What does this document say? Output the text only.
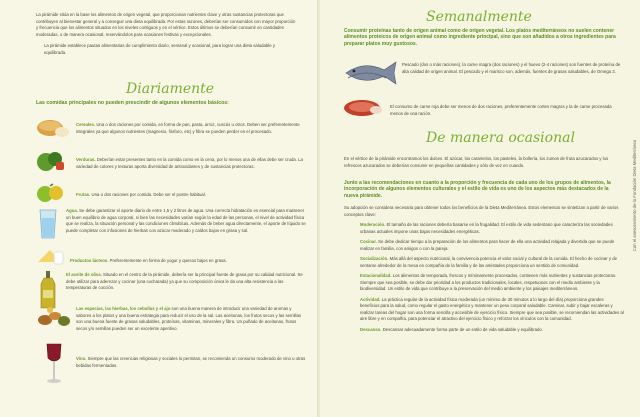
La pirámide sitúa en la base los alimentos de origen vegetal, que proporcionan nutrientes clave y otras sustancias protectoras que contribuyen al bienestar general y a conseguir una dieta equilibrada. Por estas razones, deberían ser consumidos con mayor proporción y frecuencia que los alimentos situados en los niveles contiguos y en el vértice. Estos últimos se deberían consumir en cantidades moderadas, o de manera ocasional, reservándolos para ocasiones festivas y excepcionales.

La pirámide establece pautas alimentarias de cumplimiento diario, semanal y ocasional, para lograr una dieta saludable y equilibrada.

Diariamente

Las comidas principales no pueden prescindir de algunos elementos básicos:

Cereales. Una o dos raciones por comida, en forma de pan, pasta, arroz, cuscús u otros. Deben ser preferentemente integrales ya que algunos nutrientes (magnesio, fósforo, etc) y fibra se pueden perder en el procesado.

Verduras. Deberían estar presentes tanto en la comida como en la cena, por lo menos una de ellas debe ser cruda. La variedad de colores y texturas aporta diversidad de antioxidantes y de sustancias protectoras.

Frutas. Una o dos raciones por comida. Debe ser el postre habitual.

Agua. Se debe garantizar el aporte diario de entre 1,5 y 2 litros de agua. Una correcta hidratación es esencial para mantener un buen equilibrio de agua corporal, si bien las necesidades varían según la edad de las personas, el nivel de actividad física que se realiza, la situación personal y las condiciones climáticas. Además de beber agua directamente, el aporte de líquido se puede completar con infusiones de hierbas con azúcar moderado y caldos bajos en grasa y sal.

Productos lácteos. Preferentemente en forma de yogur y quesos bajos en grasa.

El aceite de oliva. Situado en el centro de la pirámide, debería ser la principal fuente de grasa por su calidad nutricional. Se debe utilizar para aderezar y cocinar (una cucharada) ya que su composición única le da una alta resistencia a las temperaturas de cocción.

Las especias, las hierbas, los cebollas y el ajo son una buena manera de introducir una variedad de aromas y sabores a los platos y una buena estrategia para reducir el uso de la sal. Las aceitunas, los frutos secos y las semillas son una buena fuente de grasas saludables, proteínas, vitaminas, minerales y fibra. Un puñado de aceitunas, frutos secos y/o semillas pueden ser un excelente aperitivo.

Vino. Siempre que las creencias religiosas y sociales lo permitan, se recomienda un consumo moderado de vino u otras bebidas fermentadas.

Semanalmente

Consumir proteínas tanto de origen animal como de origen vegetal. Los platos mediterráneos no suelen contener alimentos proteicos de origen animal como ingrediente principal, sino que son añadidos a otros ingredientes para preparar platos muy gustosos.

Pescado (dos o más raciones), la carne magra (dos raciones) y el huevo (2-4 raciones) son fuentes de proteína de alta calidad de origen animal. El pescado y el marisco son, además, fuentes de grasas saludables, de Omega 3.

El consumo de carne roja debe ser menos de dos raciones, preferentemente cortes magros y la de carne procesada menos de una ración.

De manera ocasional

En el vértice de la pirámide encontramos los dulces. El azúcar, los caramelos, los pasteles, la bollería, los zumos de fruta azucarados y los refrescos azucarados se deberían consumir en pequeñas cantidades y sólo de vez en cuando.

Junto a las recomendaciones en cuanto a la proporción y frecuencia de cada uno de los grupos de alimentos, la incorporación de algunos elementos culturales y el estilo de vida es uno de los aspectos más destacados de la nueva pirámide.

Su adopción se considera necesaria para obtener todos los beneficios de la Dieta Mediterránea. Estos elementos se sintetizan a partir de varios conceptos clave:

Moderación. El tamaño de las raciones debería basarse en la frugalidad. El estilo de vida sedentario que caracteriza las sociedades urbanas actuales impone unas bajas necesidades energéticas.

Cocinar. Se debe dedicar tiempo a la preparación de los alimentos para hacer de ella una actividad relajada y divertida que se puede realizar en familia, con amigos o con la pareja.

Socialización. Más allá del aspecto nutricional, la convivencia potencia el valor social y cultural de la comida. El hecho de cocinar y de sentarse alrededor de la mesa en compañía de la familia y de las amistades proporciona un sentido de comunidad.

Estacionalidad. Los alimentos de temporada, frescos y mínimamente procesados, contienen más nutrientes y sustancias protectoras. Siempre que sea posible, se debe dar prioridad a los productos tradicionales, locales, respetuosos con el medio ambiente y la biodiversidad. Un estilo de vida que contribuye a la preservación del medio ambiente y los paisajes mediterráneos.

Actividad. La práctica regular de la actividad física moderada (un mínimo de 30 minutos a lo largo del día) proporciona grandes beneficios para la salud, como regular el gasto energético y mantener un peso corporal saludable. Caminar, subir y bajar escaleras y realizar tareas del hogar son una forma sencilla y accesible de ejercicio físico. Siempre que sea posible, se recomiendan las actividades al aire libre y en compañía, para potenciar el atractivo del ejercicio físico y reforzar los vínculos con la comunidad.

Descanso. Descansar adecuadamente forma parte de un estilo de vida saludable y equilibrado.

Con el asesoramiento de la Fundación Dieta Mediterránea
